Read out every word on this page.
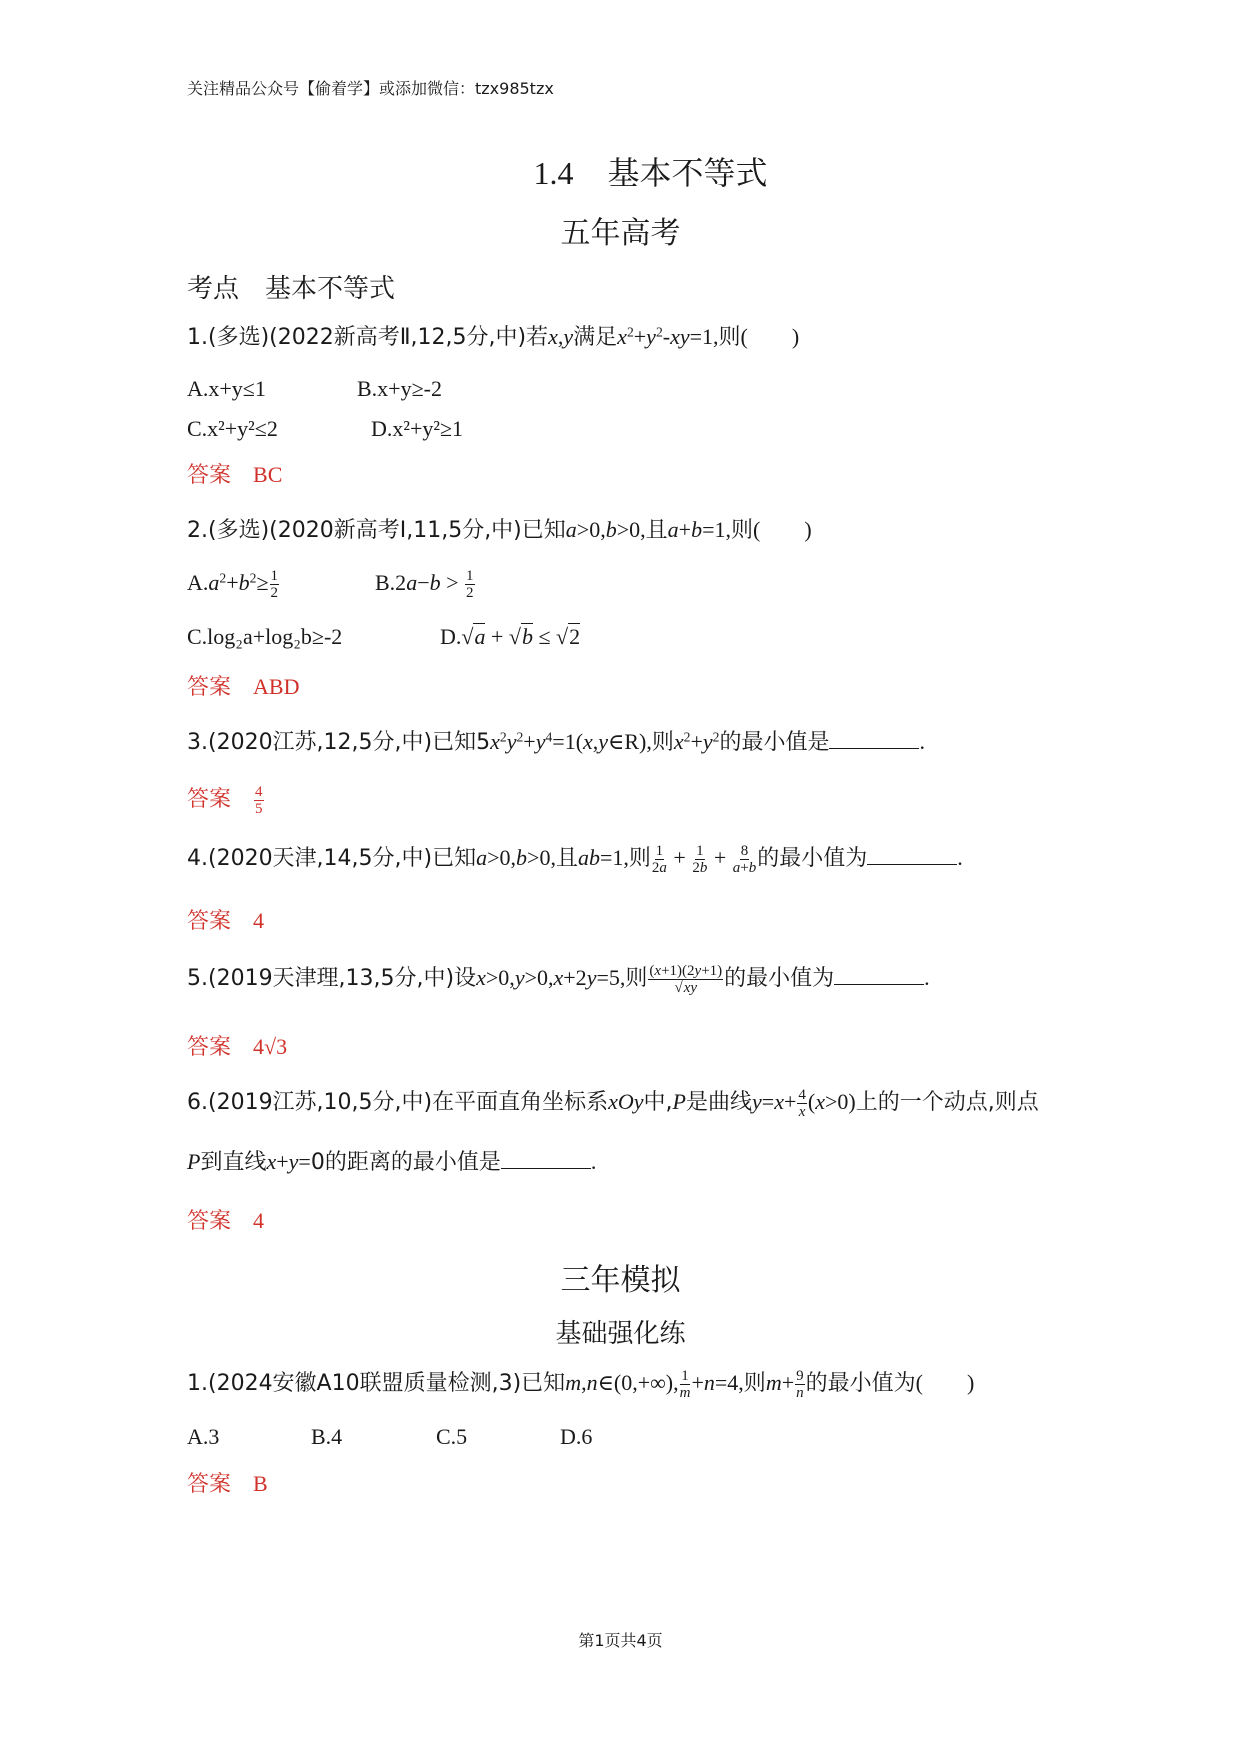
关注精品公众号【偷着学】或添加微信：tzx985tzx
1.4 基本不等式
五年高考
考点　基本不等式
1.(多选)(2022新高考Ⅱ,12,5分,中)若x,y满足$x^2+y^2-xy=1$,则(　　)
A.x+y≤1	B.x+y≥-2
C.x²+y²≤2	D.x²+y²≥1
答案 BC
2.(多选)(2020新高考Ⅰ,11,5分,中)已知a>0,b>0,且a+b=1,则(　　)
$A.a^2+b^2\ge \frac{1}{2}$	$B.2a-b > \frac{1}{2}$
C.log₂a+log₂b≥-2	D.√a + √b ≤ √2
答案 ABD
3.(2020江苏,12,5分,中)已知$5x^2y^2+y^4=1(x,y\in R)$,则$x^2+y^2$的最小值是	.
答案 $\frac{4}{5}$
4.(2020天津,14,5分,中)已知a>0,b>0,且ab=1,则 $\frac{1}{2a} + \frac{1}{2b} + \frac{8}{a+b}$ 的最小值为	.
答案 4
5.(2019天津理,13,5分,中)设x>0,y>0,x+2y=5,则 $\frac{(x+1)(2y+1)}{√xy}$ 的最小值为	.
答案 4√3
6.(2019江苏,10,5分,中)在平面直角坐标系xOy中,P是曲线$y=x+ \frac{4}{x} (x>0)$上的一个动点,则点
P到直线x+y=0的距离的最小值是	.
答案 4
三年模拟
基础强化练
1.(2024安徽A10联盟质量检测,3)已知m,n∈(0,+∞), $\frac{1}{m} +n=4$,则$m+ \frac{9}{n}$ 的最小值为(　　)
A.3	B.4	C.5	D.6
答案 B
第1页共4页
